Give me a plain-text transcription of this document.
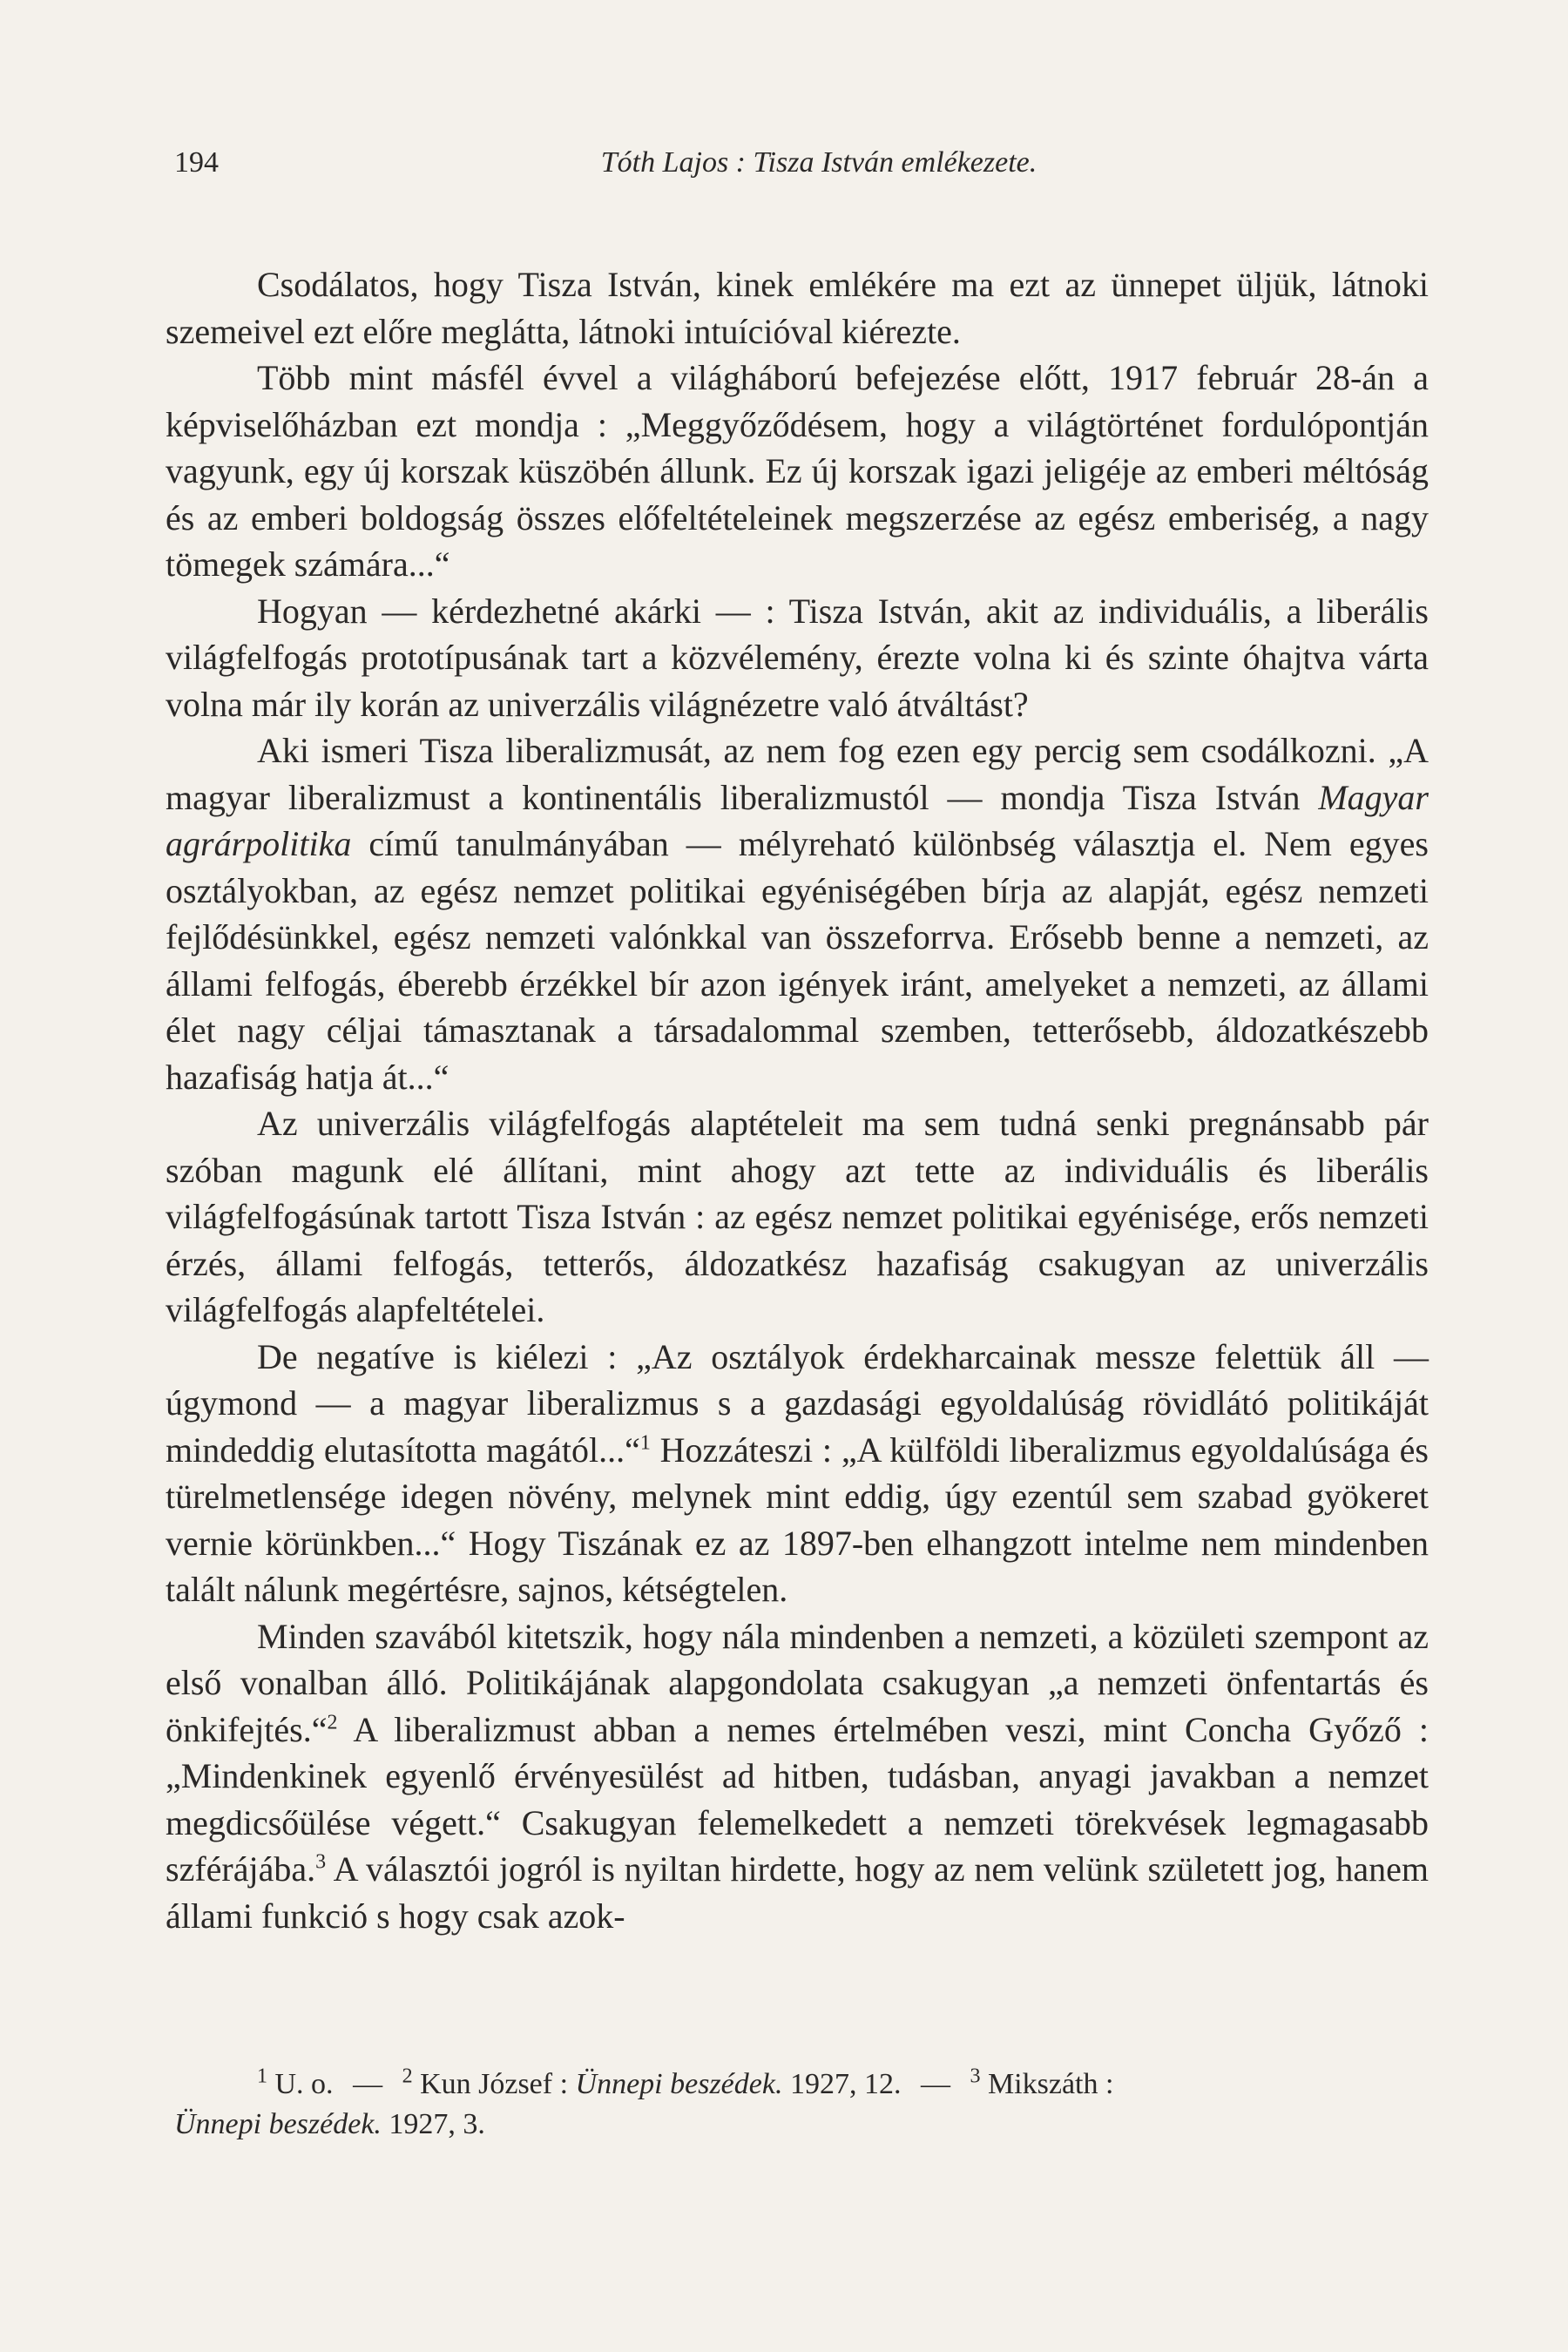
194	Tóth Lajos : Tisza István emlékezete.

Csodálatos, hogy Tisza István, kinek emlékére ma ezt az ünnepet üljük, látnoki szemeivel ezt előre meglátta, látnoki intuícióval kiérezte.

Több mint másfél évvel a világháború befejezése előtt, 1917 február 28-án a képviselőházban ezt mondja : „Meggyőződésem, hogy a világtörténet fordulópontján vagyunk, egy új korszak küszöbén állunk. Ez új korszak igazi jeligéje az emberi méltóság és az emberi boldogság összes előfeltételeinek megszerzése az egész emberiség, a nagy tömegek számára...“

Hogyan — kérdezhetné akárki — : Tisza István, akit az individuális, a liberális világfelfogás prototípusának tart a közvélemény, érezte volna ki és szinte óhajtva várta volna már ily korán az univerzális világnézetre való átváltást?

Aki ismeri Tisza liberalizmusát, az nem fog ezen egy percig sem csodálkozni. „A magyar liberalizmust a kontinentális liberalizmustól — mondja Tisza István Magyar agrárpolitika című tanulmányában — mélyreható különbség választja el. Nem egyes osztályokban, az egész nemzet politikai egyéniségében bírja az alapját, egész nemzeti fejlődésünkkel, egész nemzeti valónkkal van összeforrva. Erősebb benne a nemzeti, az állami felfogás, éberebb érzékkel bír azon igények iránt, amelyeket a nemzeti, az állami élet nagy céljai támasztanak a társadalommal szemben, tetterősebb, áldozatkészebb hazafiság hatja át...“

Az univerzális világfelfogás alaptételeit ma sem tudná senki pregnánsabb pár szóban magunk elé állítani, mint ahogy azt tette az individuális és liberális világfelfogásúnak tartott Tisza István : az egész nemzet politikai egyénisége, erős nemzeti érzés, állami felfogás, tetterős, áldozatkész hazafiság csakugyan az univerzális világfelfogás alapfeltételei.

De negatíve is kiélezi : „Az osztályok érdekharcainak messze felettük áll — úgymond — a magyar liberalizmus s a gazdasági egyoldalúság rövidlátó politikáját mindeddig elutasította magától...“$^1$ Hozzáteszi : „A külföldi liberalizmus egyoldalúsága és türelmetlensége idegen növény, melynek mint eddig, úgy ezentúl sem szabad gyökeret vernie körünkben...“ Hogy Tiszának ez az 1897-ben elhangzott intelme nem mindenben talált nálunk megértésre, sajnos, kétségtelen.

Minden szavából kitetszik, hogy nála mindenben a nemzeti, a közületi szempont az első vonalban álló. Politikájának alapgondolata csakugyan „a nemzeti önfentartás és önkifejtés.“$^2$ A liberalizmust abban a nemes értelmében veszi, mint Concha Győző : „Mindenkinek egyenlő érvényesülést ad hitben, tudásban, anyagi javakban a nemzet megdicsőülése végett.“ Csakugyan felemelkedett a nemzeti törekvések legmagasabb szférájába.$^3$ A választói jogról is nyiltan hirdette, hogy az nem velünk született jog, hanem állami funkció s hogy csak azok-

$^1$ U. o. — $^2$ Kun József : Ünnepi beszédek. 1927, 12. — $^3$ Mikszáth :
Ünnepi beszédek. 1927, 3.
